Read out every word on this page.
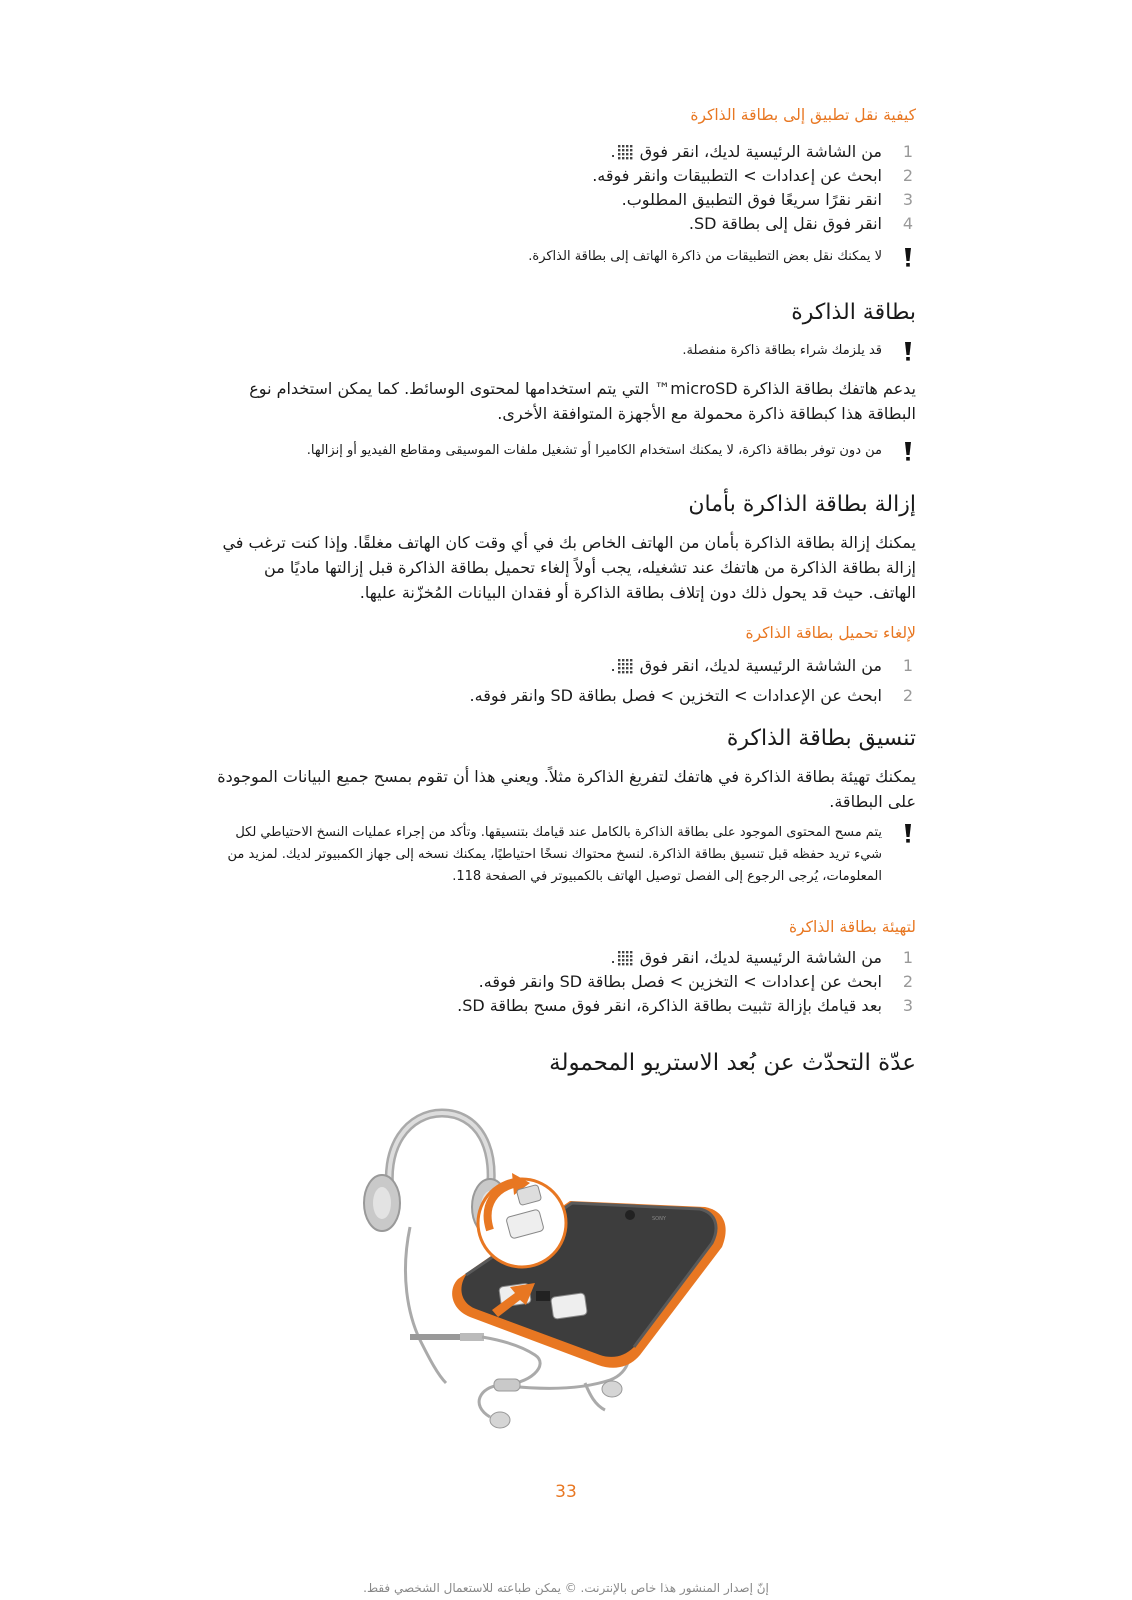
كيفية نقل تطبيق إلى بطاقة الذاكرة
1
من الشاشة الرئيسية لديك، انقر فوق .
2
ابحث عن إعدادات > التطبيقات وانقر فوقه.
3
انقر نقرًا سريعًا فوق التطبيق المطلوب.
4
انقر فوق نقل إلى بطاقة SD.
لا يمكنك نقل بعض التطبيقات من ذاكرة الهاتف إلى بطاقة الذاكرة.
بطاقة الذاكرة
قد يلزمك شراء بطاقة ذاكرة منفصلة.
يدعم هاتفك بطاقة الذاكرة microSD™ التي يتم استخدامها لمحتوى الوسائط. كما يمكن استخدام نوع البطاقة هذا كبطاقة ذاكرة محمولة مع الأجهزة المتوافقة الأخرى.
من دون توفر بطاقة ذاكرة، لا يمكنك استخدام الكاميرا أو تشغيل ملفات الموسيقى ومقاطع الفيديو أو إنزالها.
إزالة بطاقة الذاكرة بأمان
يمكنك إزالة بطاقة الذاكرة بأمان من الهاتف الخاص بك في أي وقت كان الهاتف مغلقًا. وإذا كنت ترغب في إزالة بطاقة الذاكرة من هاتفك عند تشغيله، يجب أولاً إلغاء تحميل بطاقة الذاكرة قبل إزالتها ماديًا من الهاتف. حيث قد يحول ذلك دون إتلاف بطاقة الذاكرة أو فقدان البيانات المُخزّنة عليها.
لإلغاء تحميل بطاقة الذاكرة
1
من الشاشة الرئيسية لديك، انقر فوق .
2
ابحث عن الإعدادات > التخزين > فصل بطاقة SD وانقر فوقه.
تنسيق بطاقة الذاكرة
يمكنك تهيئة بطاقة الذاكرة في هاتفك لتفريغ الذاكرة مثلاً. ويعني هذا أن تقوم بمسح جميع البيانات الموجودة على البطاقة.
يتم مسح المحتوى الموجود على بطاقة الذاكرة بالكامل عند قيامك بتنسيقها. وتأكد من إجراء عمليات النسخ الاحتياطي لكل شيء تريد حفظه قبل تنسيق بطاقة الذاكرة. لنسخ محتواك نسخًا احتياطيًا، يمكنك نسخه إلى جهاز الكمبيوتر لديك. لمزيد من المعلومات، يُرجى الرجوع إلى الفصل توصيل الهاتف بالكمبيوتر في الصفحة 118.
لتهيئة بطاقة الذاكرة
1
من الشاشة الرئيسية لديك، انقر فوق .
2
ابحث عن إعدادات > التخزين > فصل بطاقة SD وانقر فوقه.
3
بعد قيامك بإزالة تثبيت بطاقة الذاكرة، انقر فوق مسح بطاقة SD.
عدّة التحدّث عن بُعد الاستريو المحمولة
SONY
33
إنّ إصدار المنشور هذا خاص بالإنترنت. © يمكن طباعته للاستعمال الشخصي فقط.
